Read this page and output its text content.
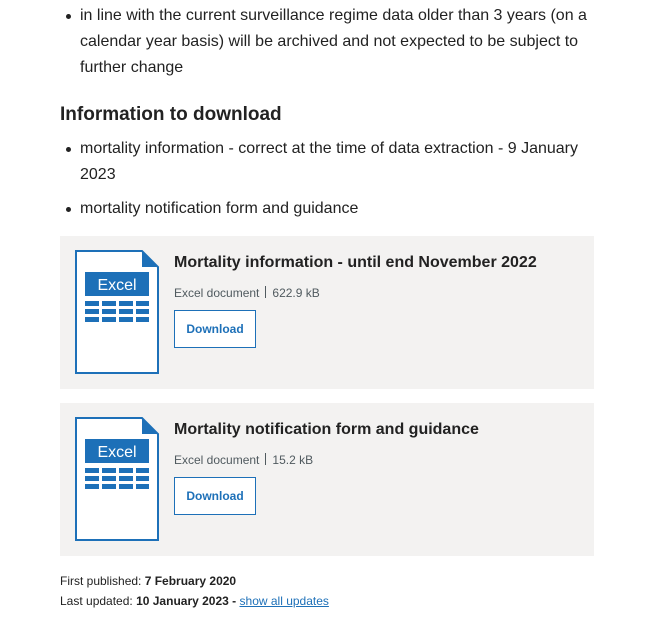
in line with the current surveillance regime data older than 3 years (on a calendar year basis) will be archived and not expected to be subject to further change
Information to download
mortality information - correct at the time of data extraction - 9 January 2023
mortality notification form and guidance
Excel
Mortality information - until end November 2022
Excel document 622.9 kB
Download
Excel
Mortality notification form and guidance
Excel document 15.2 kB
Download
First published: 7 February 2020
Last updated: 10 January 2023 - show all updates
